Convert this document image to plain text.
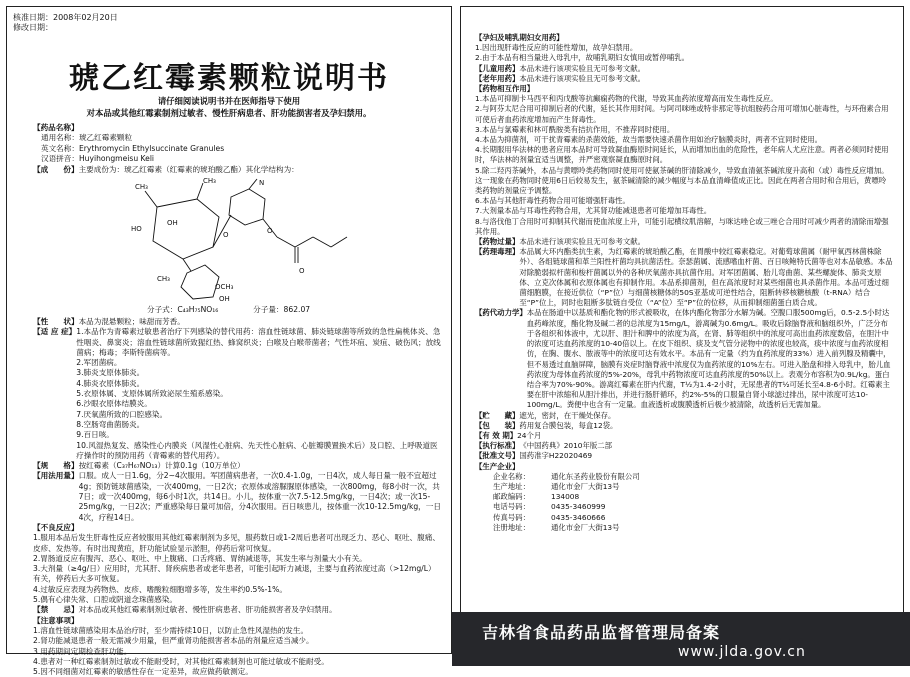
核准日期：2008年02月20日
修改日期：
琥乙红霉素颗粒说明书
请仔细阅读说明书并在医师指导下使用
对本品或其他红霉素制剂过敏者、慢性肝病患者、肝功能损害者及孕妇禁用。
【药品名称】
通用名称：琥乙红霉素颗粒
英文名称：Erythromycin Ethylsuccinate Granules
汉语拼音：Huyihongmeisu Keli
【成　　份】 主要成份为：琥乙红霉素（红霉素的琥珀酸乙酯）其化学结构为：
CH₃
HO
OH
CH₃
O
N
O
O
OCH₃
CH₃
OH
分子式：C₄₃H₇₅NO₁₆	分子量：862.07
【性　　状】 本品为混悬颗粒；味甜而芳香。
【适 应 症】 1.本品作为青霉素过敏患者治疗下列感染的替代用药：溶血性链球菌、肺炎链球菌等所致的急性扁桃体炎、急性咽炎、鼻窦炎；溶血性链球菌所致猩红热、蜂窝织炎；白喉及白喉带菌者；气性坏疽、炭疽、破伤风；放线菌病；梅毒；李斯特菌病等。
2.军团菌病。
3.肺炎支原体肺炎。
4.肺炎衣原体肺炎。
5.衣原体属、支原体属所致泌尿生殖系感染。
6.沙眼衣原体结膜炎。
7.厌氧菌所致的口腔感染。
8.空肠弯曲菌肠炎。
9.百日咳。
10.风湿热复发、感染性心内膜炎（风湿性心脏病、先天性心脏病、心脏瓣膜置换术后）及口腔、上呼吸道医疗操作时的预防用药（青霉素的替代用药）。
【规　　格】 按红霉素（C₃₇H₆₇NO₁₃）计算0.1g（10万单位）
【用法用量】 口服。成人一日1.6g，分2~4次服用。军团菌病患者，一次0.4-1.0g，一日4次，成人每日量一般不宜超过4g；预防链球菌感染，一次400mg，一日2次；衣原体或溶脲脲原体感染，一次800mg，每8小时一次，共7日；或一次400mg，每6小时1次，共14日。小儿，按体重一次7.5-12.5mg/kg，一日4次；或一次15-25mg/kg，一日2次；严重感染每日量可加倍，分4次服用。百日咳患儿，按体重一次10-12.5mg/kg，一日4次，疗程14日。
【不良反应】
1.服用本品后发生肝毒性反应者较服用其他红霉素制剂为多见，服药数日或1-2周后患者可出现乏力、恶心、呕吐、腹痛、皮疹、发热等。有时出现黄疸，肝功能试验显示淤胆，停药后常可恢复。
2.胃肠道反应有腹泻、恶心、呕吐、中上腹痛、口舌疼痛、胃纳减退等，其发生率与剂量大小有关。
3.大剂量（≥4g/日）应用时，尤其肝、肾疾病患者或老年患者，可能引起听力减退，主要与血药浓度过高（>12mg/L）有关，停药后大多可恢复。
4.过敏反应表现为药物热、皮疹、嗜酸粒细胞增多等，发生率约0.5%-1%。
5.偶有心律失常、口腔或阴道念珠菌感染。
【禁　　忌】 对本品或其他红霉素制剂过敏者、慢性肝病患者、肝功能损害者及孕妇禁用。
【注意事项】
1.溶血性链球菌感染用本品治疗时，至少需持续10日，以防止急性风湿热的发生。
2.肾功能减退患者一般无需减少用量，但严重肾功能损害者本品的剂量应适当减少。
3.用药期间定期检查肝功能。
4.患者对一种红霉素制剂过敏或不能耐受时，对其他红霉素制剂也可能过敏或不能耐受。
5.因不同细菌对红霉素的敏感性存在一定差异，故应做药敏测定。
【孕妇及哺乳期妇女用药】
1.因出现肝毒性反应的可能性增加，故孕妇禁用。
2.由于本品有相当量进入母乳中，故哺乳期妇女慎用或暂停哺乳。
【儿童用药】 本品未进行该项实验且无可参考文献。
【老年用药】 本品未进行该项实验且无可参考文献。
【药物相互作用】
1.本品可抑制卡马西平和丙戊酸等抗癫痫药物的代谢，导致其血药浓度增高而发生毒性反应。
2.与阿芬太尼合用可抑制后者的代谢，延长其作用时间。与阿司咪唑或特非那定等抗组胺药合用可增加心脏毒性，与环孢素合用可使后者血药浓度增加而产生肾毒性。
3.本品与氯霉素和林可酰胺类有拮抗作用，不推荐同时使用。
4.本品为抑菌剂，可干扰青霉素的杀菌效能，故当需要快速杀菌作用如治疗脑膜炎时，两者不宜同时使用。
4.长期服用华法林的患者应用本品时可导致凝血酶原时间延长，从而增加出血的危险性，老年病人尤应注意。两者必须同时使用时，华法林的剂量宜适当调整，并严密观察凝血酶原时间。
5.除二羟丙茶碱外，本品与黄嘌呤类药物同时使用可使氨茶碱的肝清除减少，导致血清氨茶碱浓度升高和（或）毒性反应增加。这一现象在药物同时使用6日后较易发生，氨茶碱清除的减少幅度与本品血清峰值成正比。因此在两者合用时和合用后，黄嘌呤类药物的剂量应予调整。
6.本品与其他肝毒性药物合用可能增强肝毒性。
7.大剂量本品与耳毒性药物合用，尤其肾功能减退患者可能增加耳毒性。
8.与洛伐他丁合用时可抑制其代谢而使血浓度上升，可能引起横纹肌溶解，与咪达唑仑或三唑仑合用时可减少两者的清除而增强其作用。
【药物过量】 本品未进行该项实验且无可参考文献。
【药理毒理】 本品属大环内酯类抗生素，为红霉素的琥珀酸乙酯，在胃酸中较红霉素稳定。对葡萄球菌属（耐甲氧西林菌株除外）、各组链球菌和革兰阳性杆菌均具抗菌活性。奈瑟菌属、流感嗜血杆菌、百日咳鲍特氏菌等也对本品敏感。本品对除脆弱拟杆菌和梭杆菌属以外的各种厌氧菌亦具抗菌作用。对军团菌属、胎儿弯曲菌、某些螺旋体、肺炎支原体、立克次体属和衣原体属也有抑制作用。本品系抑菌剂，但在高浓度时对某些细菌也具杀菌作用。本品可透过细菌细胞膜，在接近供位（“P”位）与细菌核糖体的50S亚基成可逆性结合，阻断转移核糖核酸（t-RNA）结合至“P”位上，同时也阻断多肽链自受位（“A”位）至“P”位的位移，从而抑制细菌蛋白质合成。
【药代动力学】 本品在肠道中以基质和酯化物的形式被吸收，在体内酯化物部分水解为碱。空腹口服500mg后，0.5-2.5小时达血药峰浓度，酯化物及碱二者的总浓度为15mg/L，游离碱为0.6mg/L。吸收后除脑脊液和脑组织外，广泛分布于各组织和体液中，尤以肝、胆汁和脾中的浓度为高，在肾、肺等组织中的浓度可高出血药浓度数倍，在胆汁中的浓度可达血药浓度的10-40倍以上。在皮下组织、痰及支气管分泌物中的浓度也较高，痰中浓度与血药浓度相仿，在胸、腹水、脓液等中的浓度可达有效水平。本品有一定量（约为血药浓度的33%）进入前列腺及精囊中，但不易透过血脑屏障，脑膜有炎症时脑脊液中浓度仅为血药浓度的10%左右。可进入胎盘和排入母乳中，胎儿血药浓度为母体血药浓度的5%-20%，母乳中药物浓度可达血药浓度的50%以上。表观分布容积为0.9L/kg。蛋白结合率为70%-90%。游离红霉素在肝内代谢，T½为1.4-2小时，无尿患者的T½可延长至4.8-6小时。红霉素主要在肝中浓缩和从胆汁排出，并进行肠肝循环，约2%-5%的口服量自肾小球滤过排出，尿中浓度可达10-100mg/L。粪便中也含有一定量。血液透析或腹膜透析后极少被清除，故透析后无需加量。
【贮　　藏】 遮光，密封，在干燥处保存。
【包　　装】 药用复合膜包装，每盒12袋。
【有 效 期】 24个月
【执行标准】 《中国药典》2010年版二部
【批准文号】 国药准字H22020469
【生产企业】
企业名称：	通化东圣药业股份有限公司
生产地址：	通化市金厂大街13号
邮政编码：	134008
电话号码：	0435-3460999
传真号码：	0435-3460666
注册地址：	通化市金厂大街13号
吉林省食品药品监督管理局备案
www.jlda.gov.cn
